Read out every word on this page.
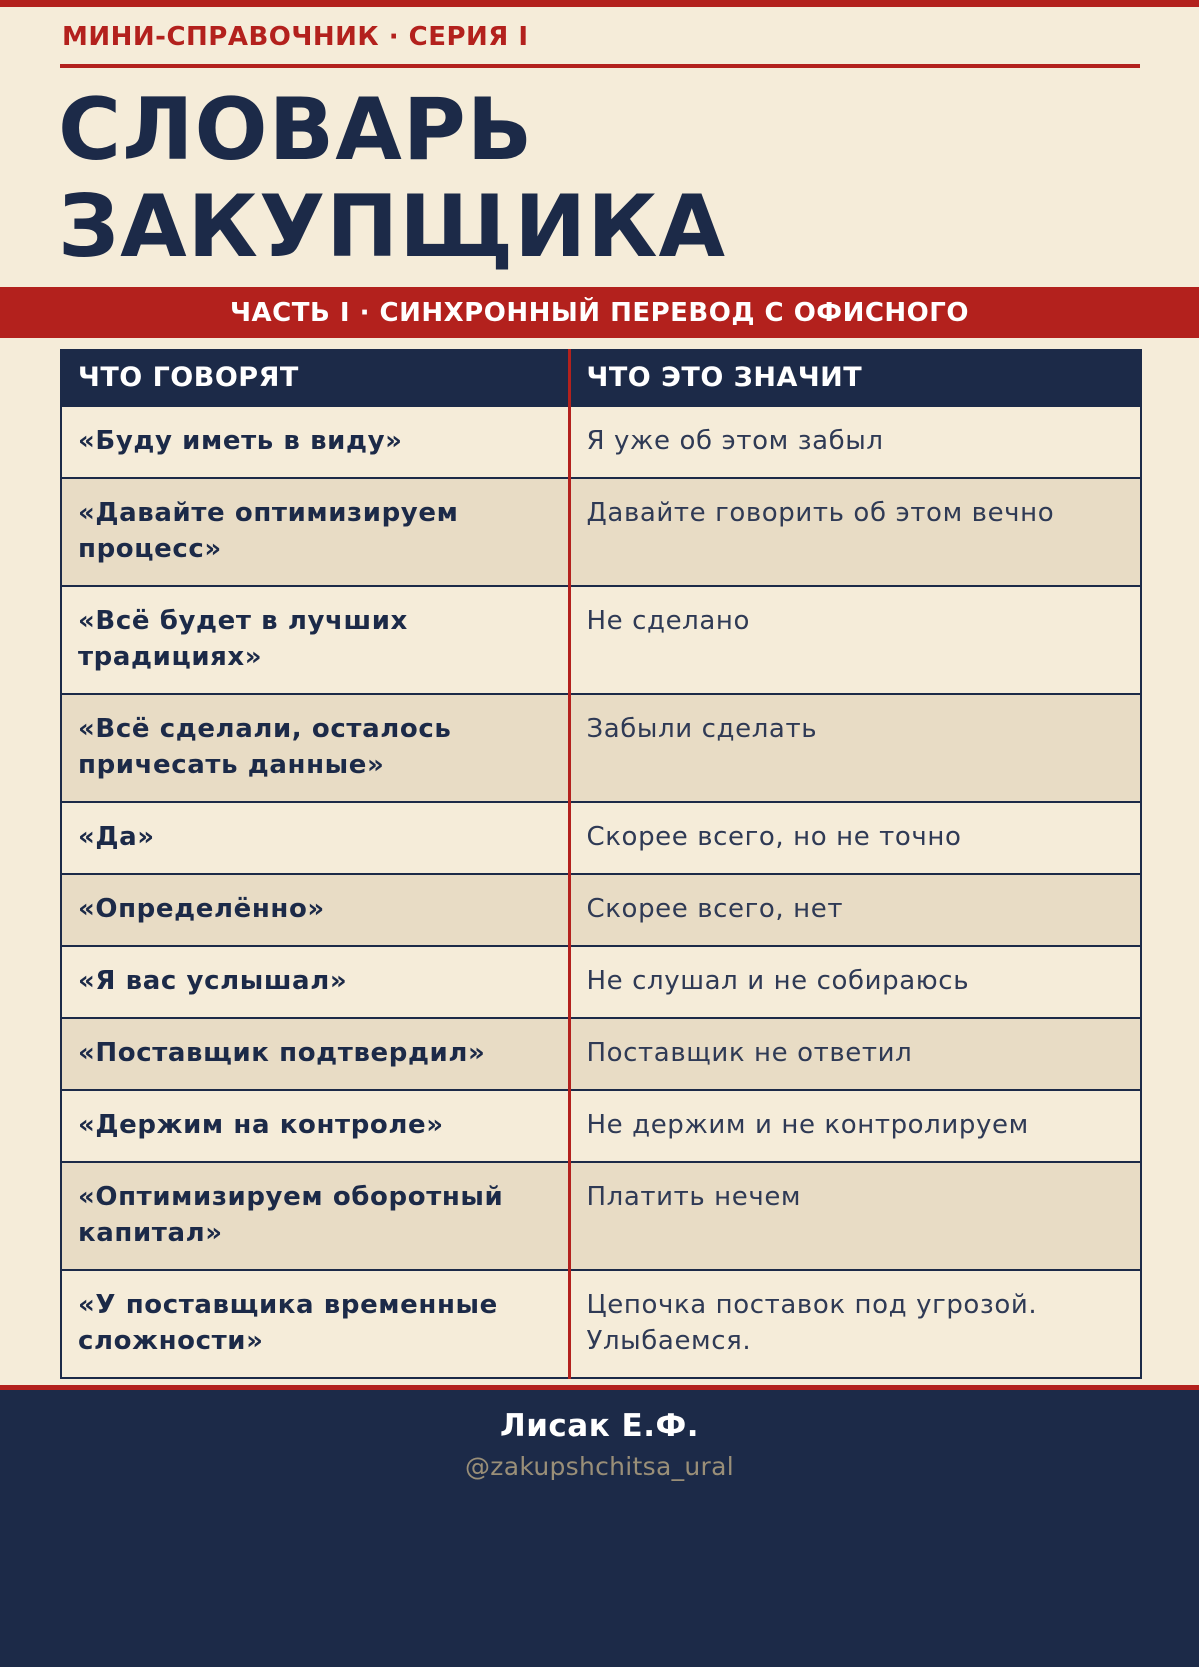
МИНИ-СПРАВОЧНИК · СЕРИЯ I
СЛОВАРЬ
ЗАКУПЩИКА
ЧАСТЬ I · СИНХРОННЫЙ ПЕРЕВОД С ОФИСНОГО
ЧТО ГОВОРЯТ	ЧТО ЭТО ЗНАЧИТ
«Буду иметь в виду»	Я уже об этом забыл
«Давайте оптимизируем процесс»	Давайте говорить об этом вечно
«Всё будет в лучших традициях»	Не сделано
«Всё сделали, осталось причесать данные»	Забыли сделать
«Да»	Скорее всего, но не точно
«Определённо»	Скорее всего, нет
«Я вас услышал»	Не слушал и не собираюсь
«Поставщик подтвердил»	Поставщик не ответил
«Держим на контроле»	Не держим и не контролируем
«Оптимизируем оборотный капитал»	Платить нечем
«У поставщика временные сложности»	Цепочка поставок под угрозой. Улыбаемся.
Лисак Е.Ф.
@zakupshchitsa_ural
